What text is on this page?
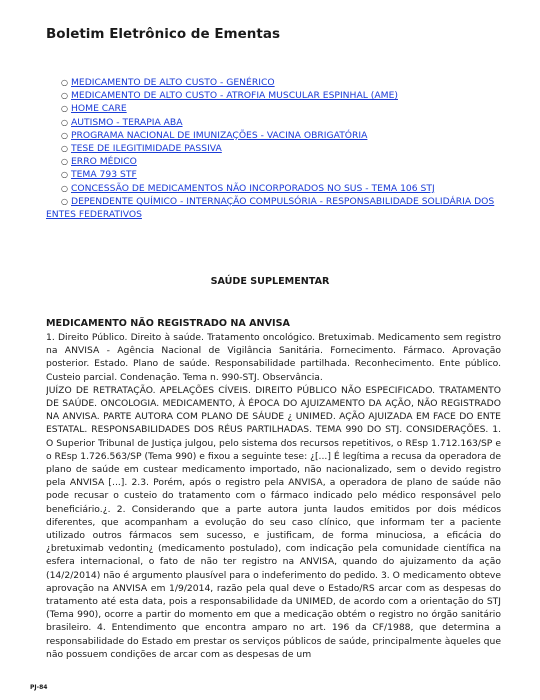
Boletim Eletrônico de Ementas
○ MEDICAMENTO DE ALTO CUSTO - GENÉRICO
○ MEDICAMENTO DE ALTO CUSTO - ATROFIA MUSCULAR ESPINHAL (AME)
○ HOME CARE
○ AUTISMO - TERAPIA ABA
○ PROGRAMA NACIONAL DE IMUNIZAÇÕES - VACINA OBRIGATÓRIA
○ TESE DE ILEGITIMIDADE PASSIVA
○ ERRO MÉDICO
○ TEMA 793 STF
○ CONCESSÃO DE MEDICAMENTOS NÃO INCORPORADOS NO SUS - TEMA 106 STJ
○ DEPENDENTE QUÍMICO - INTERNAÇÃO COMPULSÓRIA - RESPONSABILIDADE SOLIDÁRIA DOS ENTES FEDERATIVOS
SAÚDE SUPLEMENTAR
MEDICAMENTO NÃO REGISTRADO NA ANVISA

1. Direito Público. Direito à saúde. Tratamento oncológico. Bretuximab. Medicamento sem registro na ANVISA - Agência Nacional de Vigilância Sanitária. Fornecimento. Fármaco. Aprovação posterior. Estado. Plano de saúde. Responsabilidade partilhada. Reconhecimento. Ente público. Custeio parcial. Condenação. Tema n. 990-STJ. Observância.

JUÍZO DE RETRATAÇÃO. APELAÇÕES CÍVEIS. DIREITO PÚBLICO NÃO ESPECIFICADO. TRATAMENTO DE SAÚDE. ONCOLOGIA. MEDICAMENTO, À ÉPOCA DO AJUIZAMENTO DA AÇÃO, NÃO REGISTRADO NA ANVISA. PARTE AUTORA COM PLANO DE SÁUDE ¿ UNIMED. AÇÃO AJUIZADA EM FACE DO ENTE ESTATAL. RESPONSABILIDADES DOS RÉUS PARTILHADAS. TEMA 990 DO STJ. CONSIDERAÇÕES. 1. O Superior Tribunal de Justiça julgou, pelo sistema dos recursos repetitivos, o REsp 1.712.163/SP e o REsp 1.726.563/SP (Tema 990) e fixou a seguinte tese: ¿[...] É legítima a recusa da operadora de plano de saúde em custear medicamento importado, não nacionalizado, sem o devido registro pela ANVISA [...]. 2.3. Porém, após o registro pela ANVISA, a operadora de plano de saúde não pode recusar o custeio do tratamento com o fármaco indicado pelo médico responsável pelo beneficiário.¿. 2. Considerando que a parte autora junta laudos emitidos por dois médicos diferentes, que acompanham a evolução do seu caso clínico, que informam ter a paciente utilizado outros fármacos sem sucesso, e justificam, de forma minuciosa, a eficácia do ¿bretuximab vedontin¿ (medicamento postulado), com indicação pela comunidade científica na esfera internacional, o fato de não ter registro na ANVISA, quando do ajuizamento da ação (14/2/2014) não é argumento plausível para o indeferimento do pedido. 3. O medicamento obteve aprovação na ANVISA em 1/9/2014, razão pela qual deve o Estado/RS arcar com as despesas do tratamento até esta data, pois a responsabilidade da UNIMED, de acordo com a orientação do STJ (Tema 990), ocorre a partir do momento em que a medicação obtém o registro no órgão sanitário brasileiro. 4. Entendimento que encontra amparo no art. 196 da CF/1988, que determina a responsabilidade do Estado em prestar os serviços públicos de saúde, principalmente àqueles que não possuem condições de arcar com as despesas de um

PJ-84
